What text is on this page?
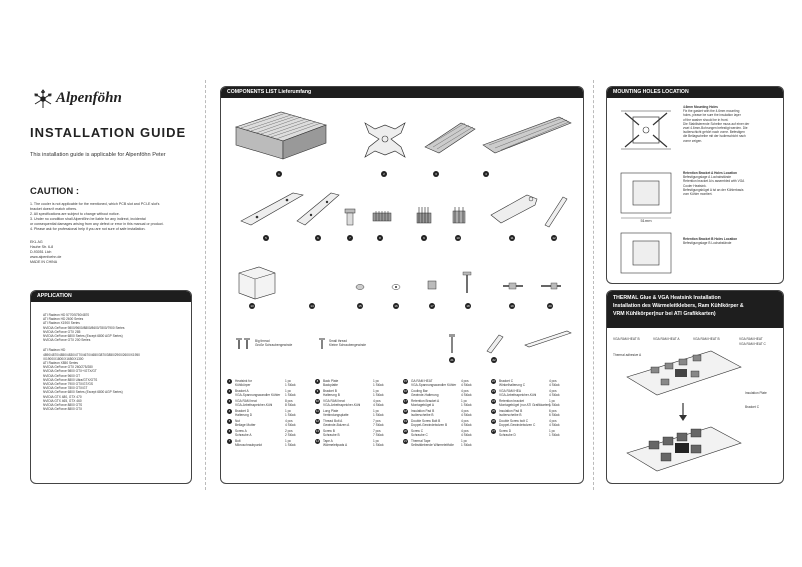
Alpenföhn
INSTALLATION GUIDE
This installation guide is applicable for Alpenföhn Peter
CAUTION :
1. The cooler is not applicable for the mentioned, which PCB slot and PCI-E slot's
bracket doesn't match others.
2. All specifications are subject to change without notice.
3. Under no condition shall Alpenföhn be liable for any indirect, incidental
or consequential damages arising from any defect or error in this manual or product.
4. Please ask for professional help if you are not sure of safe installation.
EKL AG
Hauhe Str. 6-8
D-93051 Lich
www.alpenfoehn.de
MADE IN CHINA
APPLICATION
ATI Radeon HD 5770/5750/4870
ATI Radeon HD 2600 Series
ATI Radeon X1900 Series
NVIDIA GeForce 9800/9600/8800/8600/7800/7900 Series
NVIDIA GeForce GTX 285
NVIDIA GeForce 6800 Series (Except 6800 AGP Series)
NVIDIA GeForce GTX 200 Series
ATI Radeon HD
4890/4870/4850/4830/4770/4670/4650/3870/3850/2900/2600/X1950
/X1900/X1800/X1650/X1300
ATI Radeon X850 Series
NVIDIA GeForce GTX 260/275/280
NVIDIA GeForce 9800 GTX+/GTX/GT
NVIDIA GeForce 9600 GT
NVIDIA GeForce 8800 Ultra/GTX/GTS
NVIDIA GeForce 7900 GTX/GT/GS
NVIDIA GeForce 7800 GTX/GT
NVIDIA GeForce 6800 Series (Except 6800 AGP Series)
NVIDIA GTX 480, GTX 470
NVIDIA GTX 465, GTX 460
NVIDIA GeForce 8800 GTS
NVIDIA GeForce 8800 GTX
COMPONENTS LIST Lieferumfang
1	2	3	4
5	6	7	8	9	10	11	12
13	14	15	16	17	18	19	20
Big thread
Große Schraubengewinde
Small thread
Kleine Schraubengewinde
21	22
1	Heatsink for	1 pc
Kühlkörper	1 Stück
2	Bracket A	1 pc
VGA-Spannungswandler Kühler 1 Stück
3	VGA RAM heat	8 pcs
VGA-Arbeitsspeicher-Kühl	8 Stück
4	Bracket D	1 pc
Halterung D	1 Stück
5	Nut	4 pcs
Beilage Mutter	4 Stück
6	Screw A	2 pcs
Schraube A	2 Stück
7	Bolt	1 pc
Mikroschraubpunkt	1 Stück
8	Back Plate	1 pc
Backplatte	1 Stück
9	Bracket B	1 pc
Halterung B	1 Stück
10	VGA RAM heat	4 pcs
VGA-Arbeitsspeicher-Kühl	4 Stück
11	Long Plate	1 pc
Verbindungsplatte	1 Stück
12	Thread Bolt A	7 pcs
Gewinde-Bolzen A	7 Stück
13	Screw B	7 pcs
Schraube B	7 Stück
14	Tape A	1 pc
Wärmeleitpads A	1 Stück
15	GA RAM HEAT	4 pcs
VGA-Spannungswandler Kühler 4 Stück
16	Cooling Bar	4 pcs
Gewinde-Halterung	4 Stück
17	Retention Bracket A	1 pc
Montagebügel A	1 Stück
18	Insulation Pad B	4 pcs
Isolierscheibe B	4 Stück
19	Double Screw Bolt B	4 pcs
Doppel-Gewindebolzen B	4 Stück
20	Screw C	4 pcs
Schraube C	4 Stück
21	Thermal Tape	1 pc
Selbstklebende Wärmeleitfolie 1 Stück
22	Bracket C	4 pcs
Winkelhalterung C	4 Stück
23	VGA RAM HEA	4 pcs
VGA-Arbeitsspeicher-Kühl	4 Stück
24	Retention bracket	1 pc
Montagebügel (nur ATI Grafikkarten)
1 Stück
25	Insulation Pad B	6 pcs
Isolierscheibe B	6 Stück
26	Double Screw bolt C	4 pcs
Doppel-Gewindebolzen C	4 Stück
27	Screw D	1 pc
Schraube D	1 Stück
MOUNTING HOLES LOCATION
4.6mm Mounting Holes
Fix the gasket with the 4.6mm mounting
holes, please be sure the insulation layer
of the washer should be in front.
Die Stabilisierende Scheibe muss auf einer der
zwei 4.6mm-Bohrungen befestigt werden. Die
Isolierschicht gehört nach vorne. Befestigen
die Beilagscheibe mit der Isolierschicht nach
vorne zeigen.
51mm
Retention Bracket A Holes Location
Befestigungslage A Lochabstände
Retention bracket A is assembled with VGA
Cooler Heatsink.
Befestigungsbügel A ist an der Kühlerbasis
vom Kühler montiert.
Retention Bracket B Holes Location
Befestigungslage B Lochabstände
THERMAL Glue & VGA Heatsink Installation
Installation des Wärmeleitklebers, Ram Kühlkörper &
VRM Kühlkörper(nur bei ATI Grafikkarten)
VGA RAM HEAT B	VGA RAM HEAT A	VGA RAM HEAT B
Thermal adhesive A
VGA RAM HEAT
VGA RAM HEAT C
Insulation Plate
Bracket C
